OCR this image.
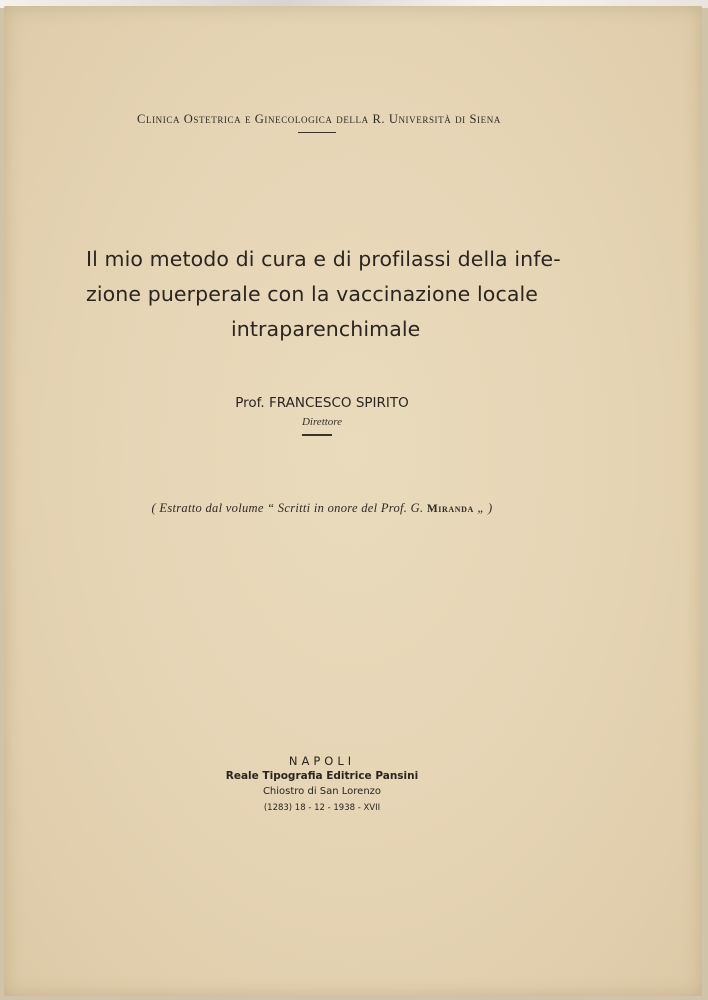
Clinica Ostetrica e Ginecologica della R. Università di Siena
Il mio metodo di cura e di profilassi della infe-
zione puerperale con la vaccinazione locale
intraparenchimale
Prof. FRANCESCO SPIRITO
Direttore
( Estratto dal volume “ Scritti in onore del Prof. G. Miranda „ )
NAPOLI
Reale Tipografia Editrice Pansini
Chiostro di San Lorenzo
(1283) 18 - 12 - 1938 - XVII
